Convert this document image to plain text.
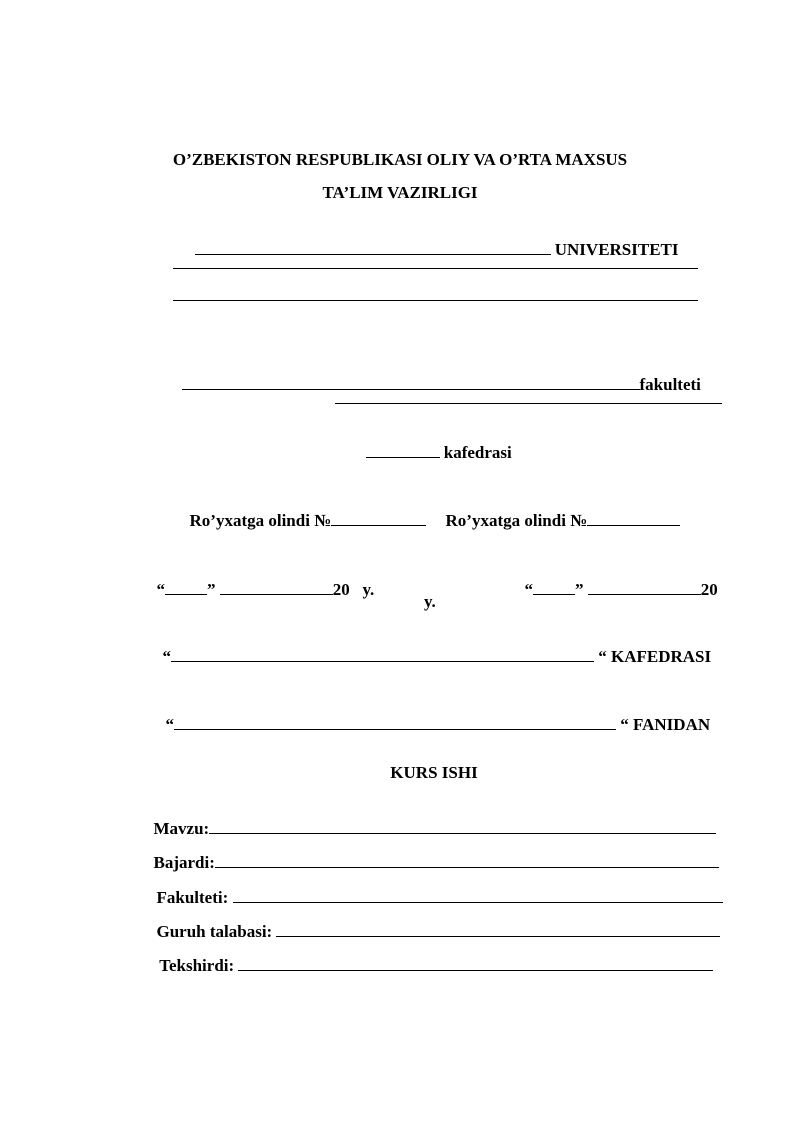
O’ZBEKISTON RESPUBLIKASI OLIY VA O’RTA MAXSUS
TA’LIM VAZIRLIGI

UNIVERSITETI

fakulteti

kafedrasi

Ro’yxatga olindi №	Ro’yxatga olindi №

“ ”	20 y.	“ ”	20

y.

“	“ KAFEDRASI

“	“ FANIDAN

KURS ISHI

Mavzu:

Bajardi:

Fakulteti:

Guruh talabasi:

Tekshirdi:
